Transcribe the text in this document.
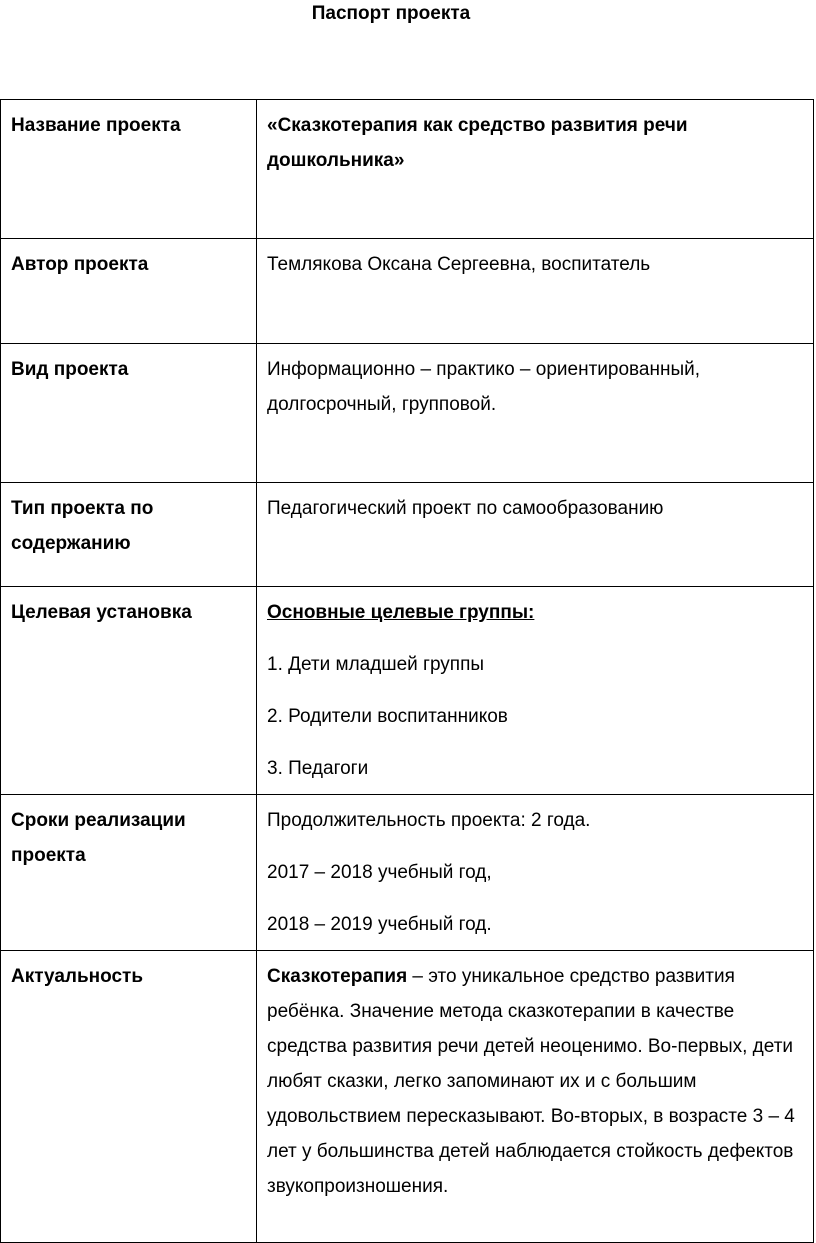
Паспорт проекта
Название проекта	«Сказкотерапия как средство развития речи дошкольника»
Автор проекта	Темлякова Оксана Сергеевна, воспитатель
Вид проекта	Информационно – практико – ориентированный, долгосрочный, групповой.
Тип проекта по содержанию	Педагогический проект по самообразованию
Целевая установка	Основные целевые группы:
1. Дети младшей группы
2. Родители воспитанников
3. Педагоги

Сроки реализации проекта	Продолжительность проекта: 2 года.
2017 – 2018 учебный год,
2018 – 2019 учебный год.

Актуальность	Сказкотерапия – это уникальное средство развития ребёнка. Значение метода сказкотерапии в качестве средства развития речи детей неоценимо. Во-первых, дети любят сказки, легко запоминают их и с большим удовольствием пересказывают. Во-вторых, в возрасте 3 – 4 лет у большинства детей наблюдается стойкость дефектов звукопроизношения.
